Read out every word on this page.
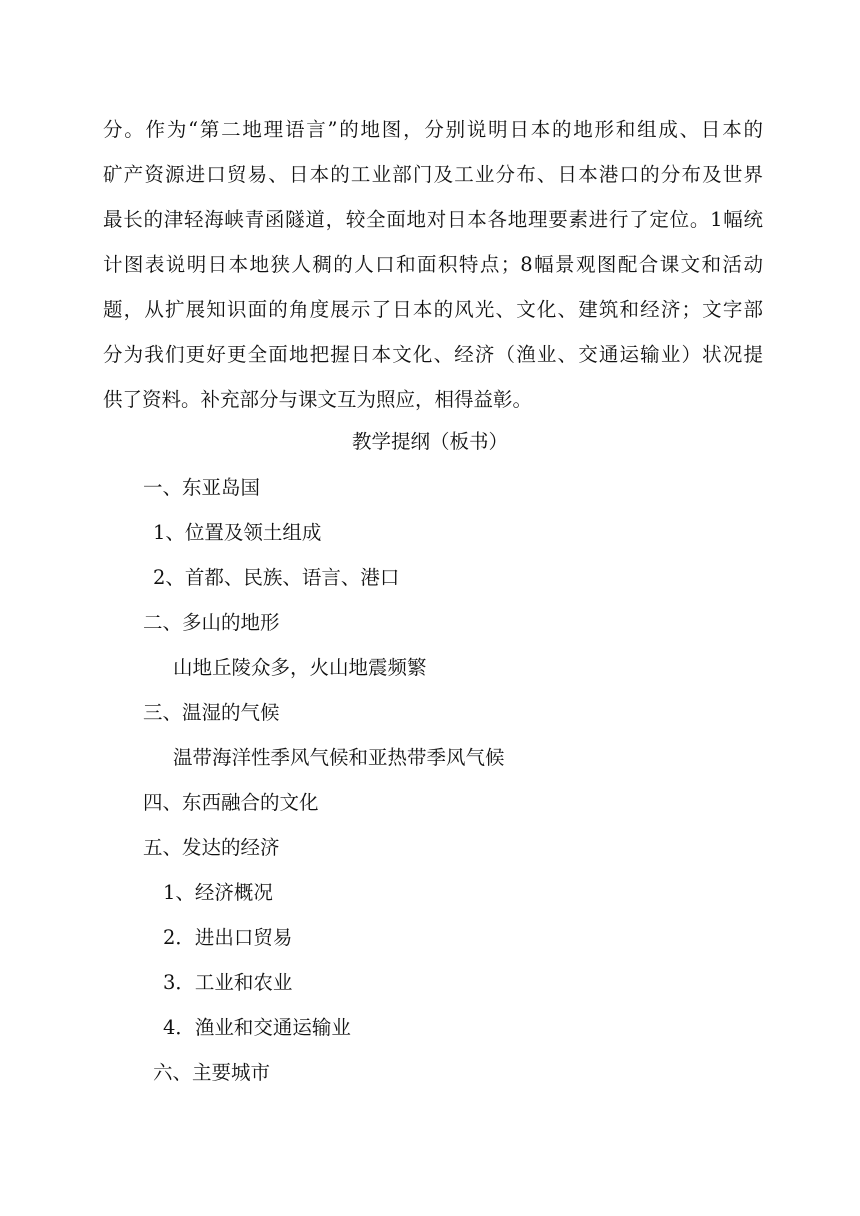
分。作为“第二地理语言”的地图，分别说明日本的地形和组成、日本的
矿产资源进口贸易、日本的工业部门及工业分布、日本港口的分布及世界
最长的津轻海峡青函隧道，较全面地对日本各地理要素进行了定位。1幅统
计图表说明日本地狭人稠的人口和面积特点；8幅景观图配合课文和活动
题，从扩展知识面的角度展示了日本的风光、文化、建筑和经济；文字部
分为我们更好更全面地把握日本文化、经济（渔业、交通运输业）状况提
供了资料。补充部分与课文互为照应，相得益彰。
教学提纲（板书）
一、东亚岛国
1、位置及领土组成
2、首都、民族、语言、港口
二、多山的地形
山地丘陵众多，火山地震频繁
三、温湿的气候
温带海洋性季风气候和亚热带季风气候
四、东西融合的文化
五、发达的经济
1、经济概况
2．进出口贸易
3．工业和农业
4．渔业和交通运输业
六、主要城市
